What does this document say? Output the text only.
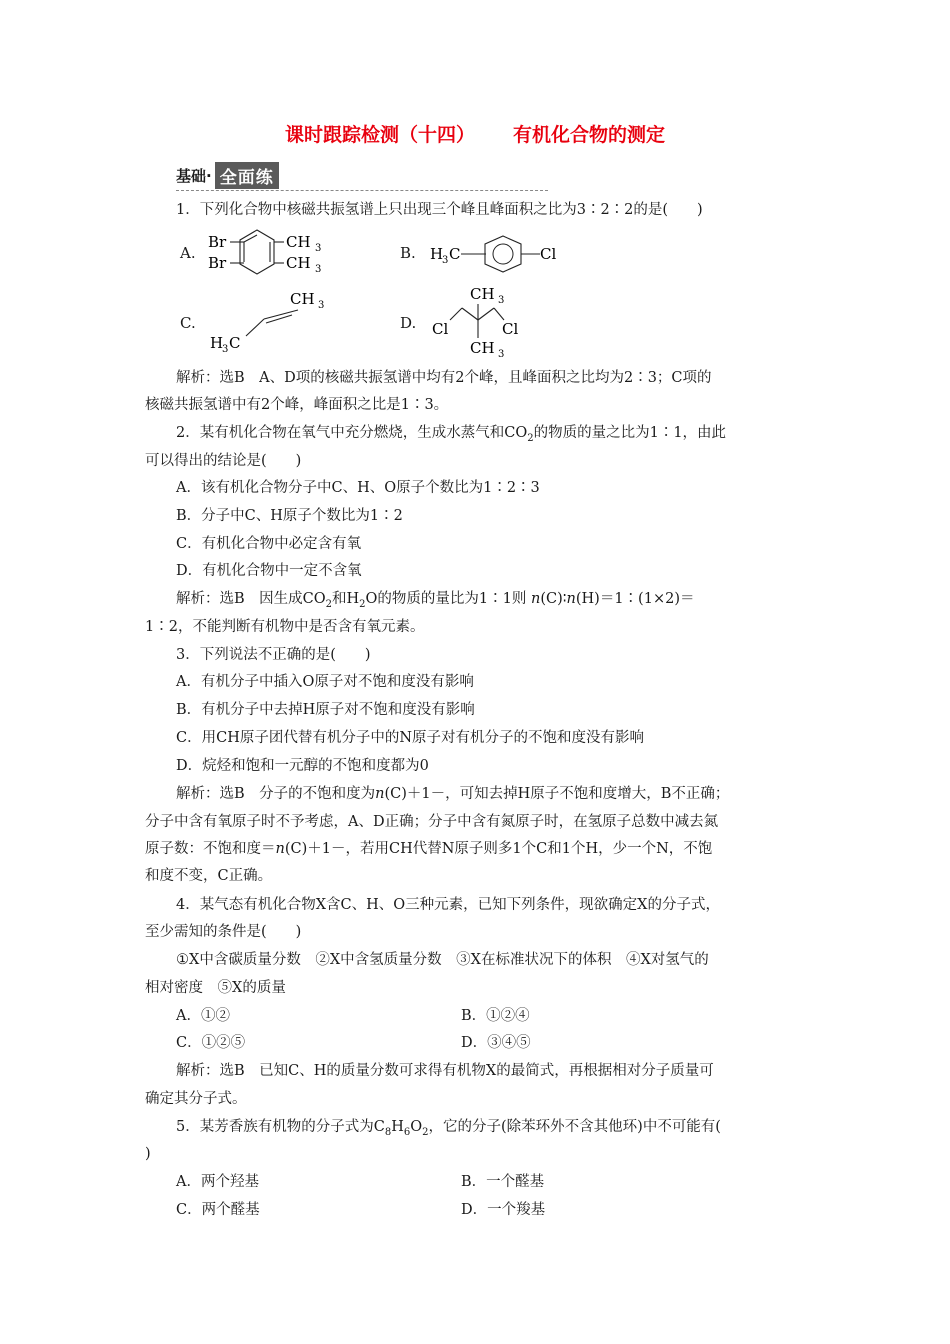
课时跟踪检测（十四） 有机化合物的测定
基础· 全面练
1．下列化合物中核磁共振氢谱上只出现三个峰且峰面积之比为3∶2∶2的是(　　)
A.
Br
Br
CH 3
CH 3
B. H
3 C	Cl
C.
CH 3
H
3 C
D.
CH 3
Cl	Cl
CH 3
解析：选B　A、D项的核磁共振氢谱中均有2个峰，且峰面积之比均为2∶3；C项的
核磁共振氢谱中有2个峰，峰面积之比是1∶3。
2．某有机化合物在氧气中充分燃烧，生成水蒸气和$CO_2$的物质的量之比为1∶1，由此
可以得出的结论是(　　)
A．该有机化合物分子中C、H、O原子个数比为1∶2∶3
B．分子中C、H原子个数比为1∶2
C．有机化合物中必定含有氧
D．有机化合物中一定不含氧
解析：选B　因生成$CO_2$和$H_2O$的物质的量比为1∶1则 n(C)∶n(H)＝1∶(1×2)＝
1∶2，不能判断有机物中是否含有氧元素。
3．下列说法不正确的是(　　)
A．有机分子中插入O原子对不饱和度没有影响
B．有机分子中去掉H原子对不饱和度没有影响
C．用CH原子团代替有机分子中的N原子对有机分子的不饱和度没有影响
D．烷烃和饱和一元醇的不饱和度都为0
解析：选B　分子的不饱和度为n(C)＋1－，可知去掉H原子不饱和度增大，B不正确；
分子中含有氧原子时不予考虑，A、D正确；分子中含有氮原子时，在氢原子总数中减去氮
原子数：不饱和度＝n(C)＋1－，若用CH代替N原子则多1个C和1个H，少一个N，不饱
和度不变，C正确。
4．某气态有机化合物X含C、H、O三种元素，已知下列条件，现欲确定X的分子式，
至少需知的条件是(　　)
①X中含碳质量分数　②X中含氢质量分数　③X在标准状况下的体积　④X对氢气的
相对密度　⑤X的质量
A．①②	B．①②④
C．①②⑤	D．③④⑤
解析：选B　已知C、H的质量分数可求得有机物X的最简式，再根据相对分子质量可
确定其分子式。
5．某芳香族有机物的分子式为$C_8H_6O_2$，它的分子(除苯环外不含其他环)中不可能有(
)
A．两个羟基	B．一个醛基
C．两个醛基	D．一个羧基
